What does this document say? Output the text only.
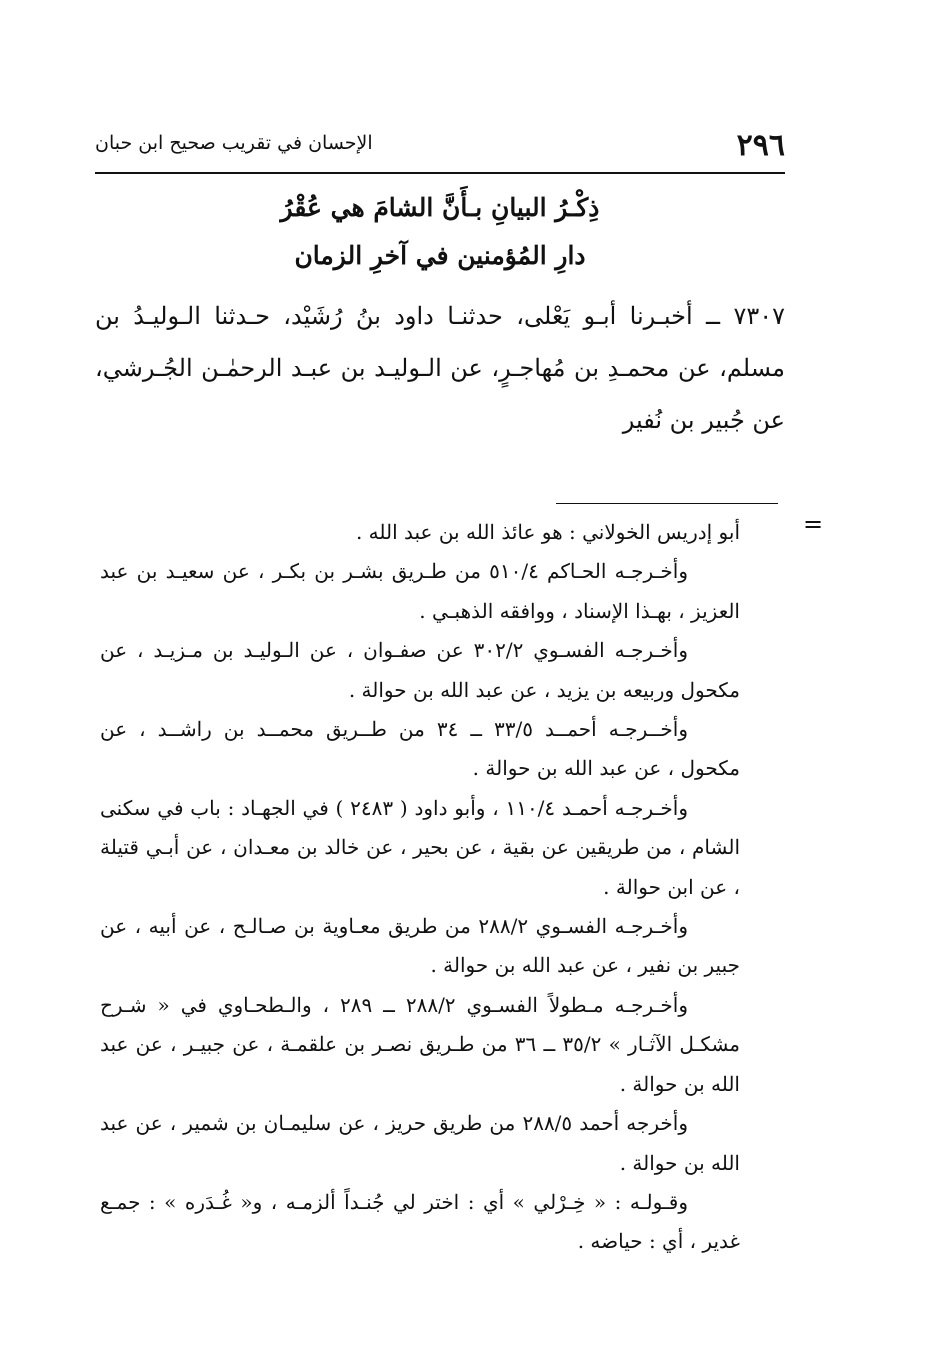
٢٩٦
الإحسان في تقريب صحيح ابن حبان
ذِكْـرُ البيانِ بـأَنَّ الشامَ هي عُقْرُ
دارِ المُؤمنين في آخرِ الزمان
٧٣٠٧ ــ أخبـرنا أبـو يَعْلى، حدثنـا داود بنُ رُشَيْد، حـدثنا الـوليـدُ بن مسلم، عن محمـدِ بن مُهاجـرٍ، عن الـوليـد بن عبـد الرحمٰـن الجُـرشي، عن جُبير بن نُفير
=

أبو إدريس الخولاني : هو عائذ الله بن عبد الله .

وأخـرجـه الحـاكم ٥١٠/٤ من طـريق بشـر بن بكـر ، عن سعيـد بن عبد العزيز ، بهـذا الإسناد ، ووافقه الذهبـي .

وأخـرجـه الفسـوي ٣٠٢/٢ عن صفـوان ، عن الـوليـد بن مـزيـد ، عن مكحول وربيعه بن يزيد ، عن عبد الله بن حوالة .

وأخــرجـه أحمــد ٣٣/٥ ــ ٣٤ من طــريق محمــد بن راشــد ، عن مكحول ، عن عبد الله بن حوالة .

وأخـرجـه أحمـد ١١٠/٤ ، وأبو داود ( ٢٤٨٣ ) في الجهـاد : باب في سكنى الشام ، من طريقين عن بقية ، عن بحير ، عن خالد بن معـدان ، عن أبـي قتيلة ، عن ابن حوالة .

وأخـرجـه الفسـوي ٢٨٨/٢ من طريق معـاوية بن صـالـح ، عن أبيه ، عن جبير بن نفير ، عن عبد الله بن حوالة .

وأخـرجـه مـطولاً الفسـوي ٢٨٨/٢ ــ ٢٨٩ ، والـطحـاوي في « شـرح مشكـل الآثـار » ٣٥/٢ ــ ٣٦ من طـريق نصـر بن علقمـة ، عن جبيـر ، عن عبد الله بن حوالة .

وأخرجه أحمد ٢٨٨/٥ من طريق حريز ، عن سليمـان بن شمير ، عن عبد الله بن حوالة .

وقـولـه : « خِـرْلي » أي : اختر لي جُنـداً ألزمـه ، و« غُـدَره » : جمـع غدير ، أي : حياضه .
